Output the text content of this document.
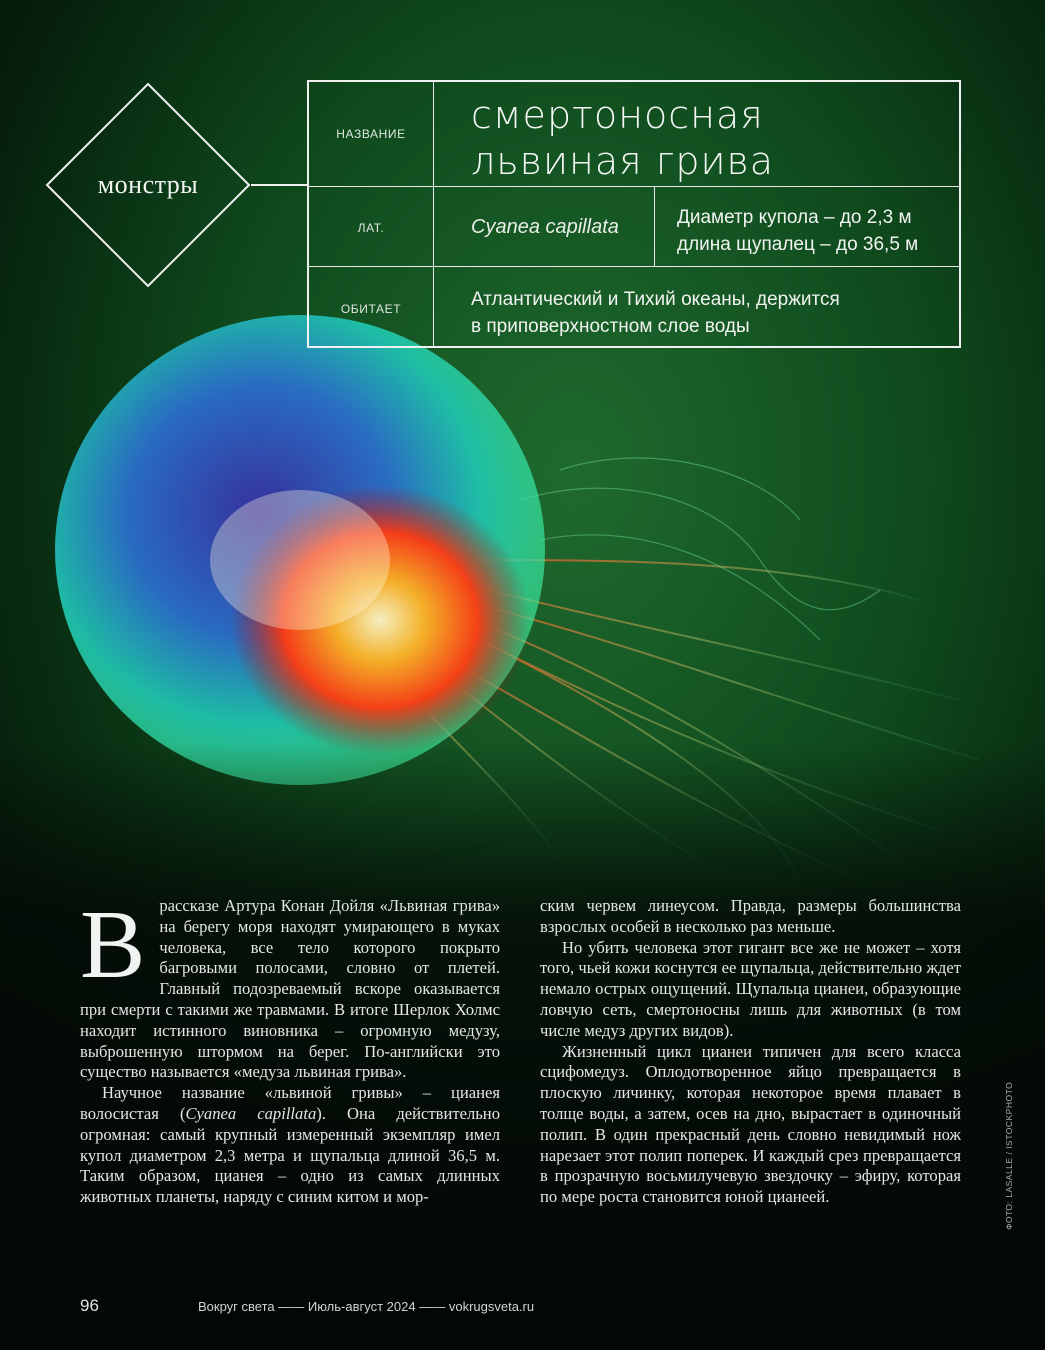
монстры
НАЗВАНИЕ	смертоносная
львиная грива
ЛАТ.	Cyanea capillata	Диаметр купола – до 2,3 м
длина щупалец – до 36,5 м
ОБИТАЕТ	Атлантический и Тихий океаны, держится
в приповерхностном слое воды

Врассказе Артура Конан Дойля «Львиная грива» на берегу моря находят умирающего в муках человека, все тело которого покрыто багровыми полосами, словно от плетей. Главный подозреваемый вскоре оказывается при смерти с такими же травмами. В итоге Шерлок Холмс находит истинного виновника – огромную медузу, выброшенную штормом на берег. По-английски это существо называется «медуза львиная грива».

Научное название «львиной гривы» – цианея волосистая (Cyanea capillata). Она действительно огромная: самый крупный измеренный экземпляр имел купол диаметром 2,3 метра и щупальца длиной 36,5 м. Таким образом, цианея – одно из самых длинных животных планеты, наряду с синим китом и мор-

ским червем линеусом. Правда, размеры большинства взрослых особей в несколько раз меньше.

Но убить человека этот гигант все же не может – хотя того, чьей кожи коснутся ее щупальца, действительно ждет немало острых ощущений. Щупальца цианеи, образующие ловчую сеть, смертоносны лишь для животных (в том числе медуз других видов).

Жизненный цикл цианеи типичен для всего класса сцифомедуз. Оплодотворенное яйцо превращается в плоскую личинку, которая некоторое время плавает в толще воды, а затем, осев на дно, вырастает в одиночный полип. В один прекрасный день словно невидимый нож нарезает этот полип поперек. И каждый срез превращается в прозрачную восьмилучевую звездочку – эфиру, которая по мере роста становится юной цианеей.

96	Вокруг света —— Июль-август 2024 —— vokrugsveta.ru
ФОТО: LASALLE / ISTOCKPHOTO
